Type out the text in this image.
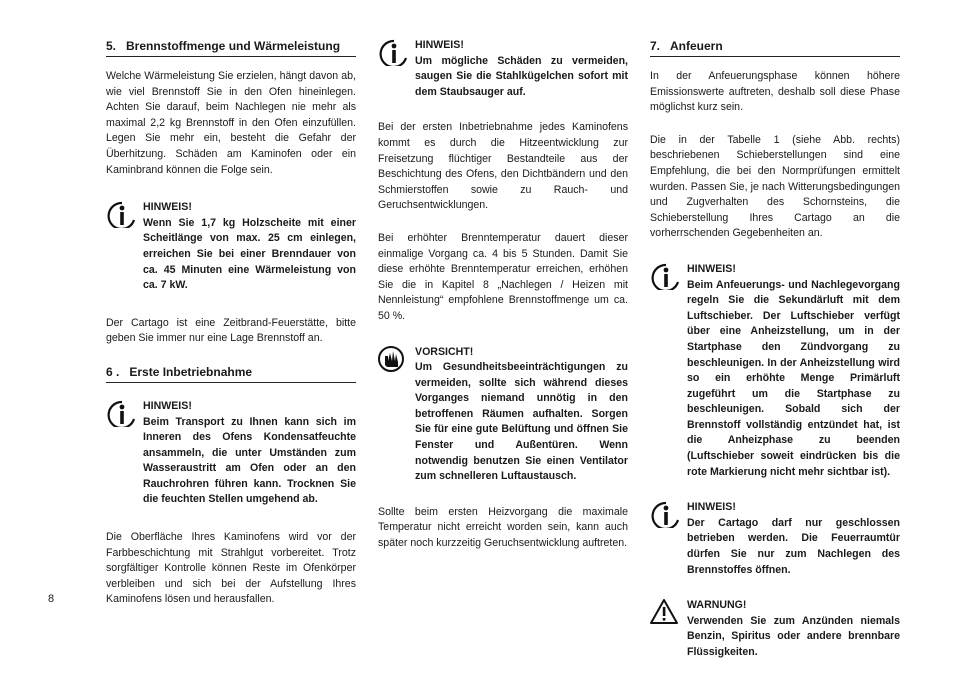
5. Brennstoffmenge und Wärmeleistung

Welche Wärmeleistung Sie erzielen, hängt davon ab, wie viel Brennstoff Sie in den Ofen hineinlegen. Achten Sie darauf, beim Nachlegen nie mehr als maximal 2,2 kg Brennstoff in den Ofen einzufüllen. Legen Sie mehr ein, besteht die Gefahr der Überhitzung. Schäden am Kaminofen oder ein Kaminbrand können die Folge sein.

HINWEIS!
Wenn Sie 1,7 kg Holzscheite mit einer Scheitlänge von max. 25 cm einlegen, erreichen Sie bei einer Brenndauer von ca. 45 Minuten eine Wärmeleistung von ca. 7 kW.

Der Cartago ist eine Zeitbrand-Feuerstätte, bitte geben Sie immer nur eine Lage Brennstoff an.

6 . Erste Inbetriebnahme
HINWEIS!
Beim Transport zu Ihnen kann sich im Inneren des Ofens Kondensatfeuchte ansammeln, die unter Umständen zum Wasseraustritt am Ofen oder an den Rauchrohren führen kann. Trocknen Sie die feuchten Stellen umgehend ab.

Die Oberfläche Ihres Kaminofens wird vor der Farbbeschichtung mit Strahlgut vorbereitet. Trotz sorgfältiger Kontrolle können Reste im Ofenkörper verbleiben und sich bei der Aufstellung Ihres Kaminofens lösen und herausfallen.

HINWEIS!
Um mögliche Schäden zu vermeiden, saugen Sie die Stahlkügelchen sofort mit dem Staubsauger auf.

Bei der ersten Inbetriebnahme jedes Kaminofens kommt es durch die Hitzeentwicklung zur Freisetzung flüchtiger Bestandteile aus der Beschichtung des Ofens, den Dichtbändern und den Schmierstoffen sowie zu Rauch- und Geruchsentwicklungen.

Bei erhöhter Brenntemperatur dauert dieser einmalige Vorgang ca. 4 bis 5 Stunden. Damit Sie diese erhöhte Brenntemperatur erreichen, erhöhen Sie die in Kapitel 8 „Nachlegen / Heizen mit Nennleistung“ empfohlene Brennstoffmenge um ca. 50 %.

VORSICHT!
Um Gesundheitsbeeinträchtigungen zu vermeiden, sollte sich während dieses Vorganges niemand unnötig in den betroffenen Räumen aufhalten. Sorgen Sie für eine gute Belüftung und öffnen Sie Fenster und Außentüren. Wenn notwendig benutzen Sie einen Ventilator zum schnelleren Luftaustausch.

Sollte beim ersten Heizvorgang die maximale Temperatur nicht erreicht worden sein, kann auch später noch kurzzeitig Geruchsentwicklung auftreten.

7. Anfeuern

In der Anfeuerungsphase können höhere Emissionswerte auftreten, deshalb soll diese Phase möglichst kurz sein.

Die in der Tabelle 1 (siehe Abb. rechts) beschriebenen Schieberstellungen sind eine Empfehlung, die bei den Normprüfungen ermittelt wurden. Passen Sie, je nach Witterungsbedingungen und Zugverhalten des Schornsteins, die Schieberstellung Ihres Cartago an die vorherrschenden Gegebenheiten an.

HINWEIS!
Beim Anfeuerungs- und Nachlegevorgang regeln Sie die Sekundärluft mit dem Luftschieber. Der Luftschieber verfügt über eine Anheizstellung, um in der Startphase den Zündvorgang zu beschleunigen. In der Anheizstellung wird so ein erhöhte Menge Primärluft zugeführt um die Startphase zu beschleunigen. Sobald sich der Brennstoff vollständig entzündet hat, ist die Anheizphase zu beenden (Luftschieber soweit eindrücken bis die rote Markierung nicht mehr sichtbar ist).
HINWEIS!
Der Cartago darf nur geschlossen betrieben werden. Die Feuerraumtür dürfen Sie nur zum Nachlegen des Brennstoffes öffnen.
WARNUNG!
Verwenden Sie zum Anzünden niemals Benzin, Spiritus oder andere brennbare Flüssigkeiten.
8
